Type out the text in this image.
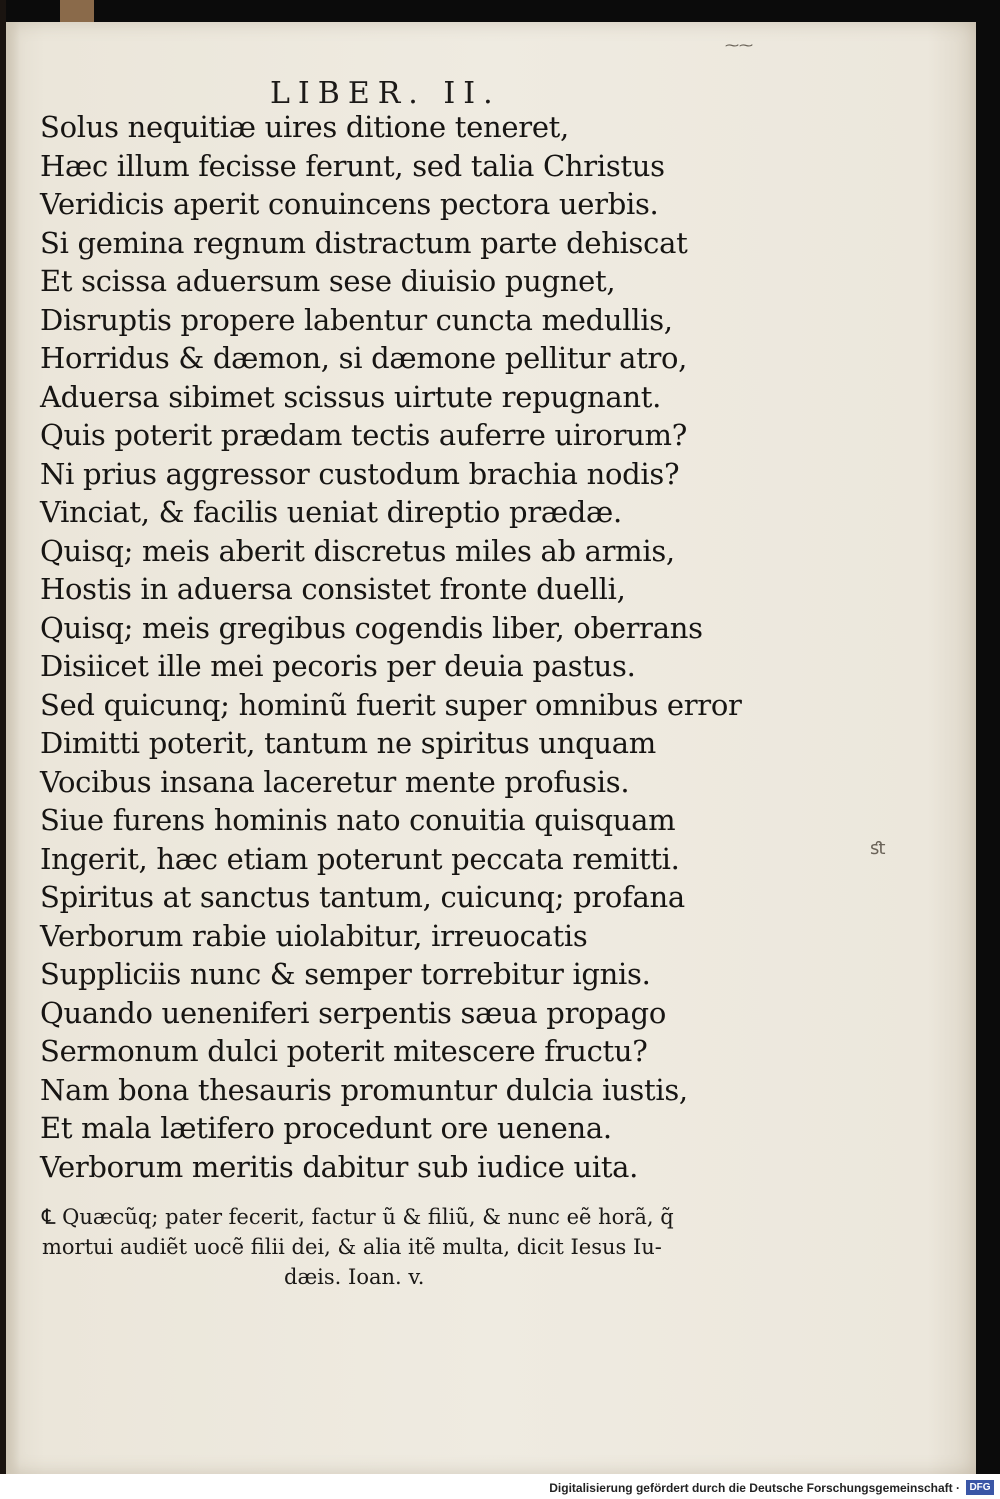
LIBER. II.
Solus nequitiæ uires ditione teneret,
Hæc illum fecisse ferunt, sed talia Christus
Veridicis aperit conuincens pectora uerbis.
Si gemina regnum distractum parte dehiscat
Et scissa aduersum sese diuisio pugnet,
Disruptis propere labentur cuncta medullis,
Horridus & dæmon, si dæmone pellitur atro,
Aduersa sibimet scissus uirtute repugnant.
Quis poterit prædam tectis auferre uirorum?
Ni prius aggressor custodum brachia nodis?
Vinciat, & facilis ueniat direptio prædæ.
Quisq; meis aberit discretus miles ab armis,
Hostis in aduersa consistet fronte duelli,
Quisq; meis gregibus cogendis liber, oberrans
Disiicet ille mei pecoris per deuia pastus.
Sed quicunq; hominũ fuerit super omnibus error
Dimitti poterit, tantum ne spiritus unquam
Vocibus insana laceretur mente profusis.
Siue furens hominis nato conuitia quisquam
Ingerit, hæc etiam poterunt peccata remitti.
Spiritus at sanctus tantum, cuicunq; profana
Verborum rabie uiolabitur, irreuocatis
Suppliciis nunc & semper torrebitur ignis.
Quando ueneniferi serpentis sæua propago
Sermonum dulci poterit mitescere fructu?
Nam bona thesauris promuntur dulcia iustis,
Et mala lætifero procedunt ore uenena.
Verborum meritis dabitur sub iudice uita.
℄ Quæcũq; pater fecerit, factur ũ & filiũ, & nunc eẽ horã, q̃
mortui audiẽt uocẽ filii dei, & alia itẽ multa, dicit Iesus Iu-
dæis. Ioan. v.
⁓⁓
ﬆ
Digitalisierung gefördert durch die Deutsche Forschungsgemeinschaft · DFG
